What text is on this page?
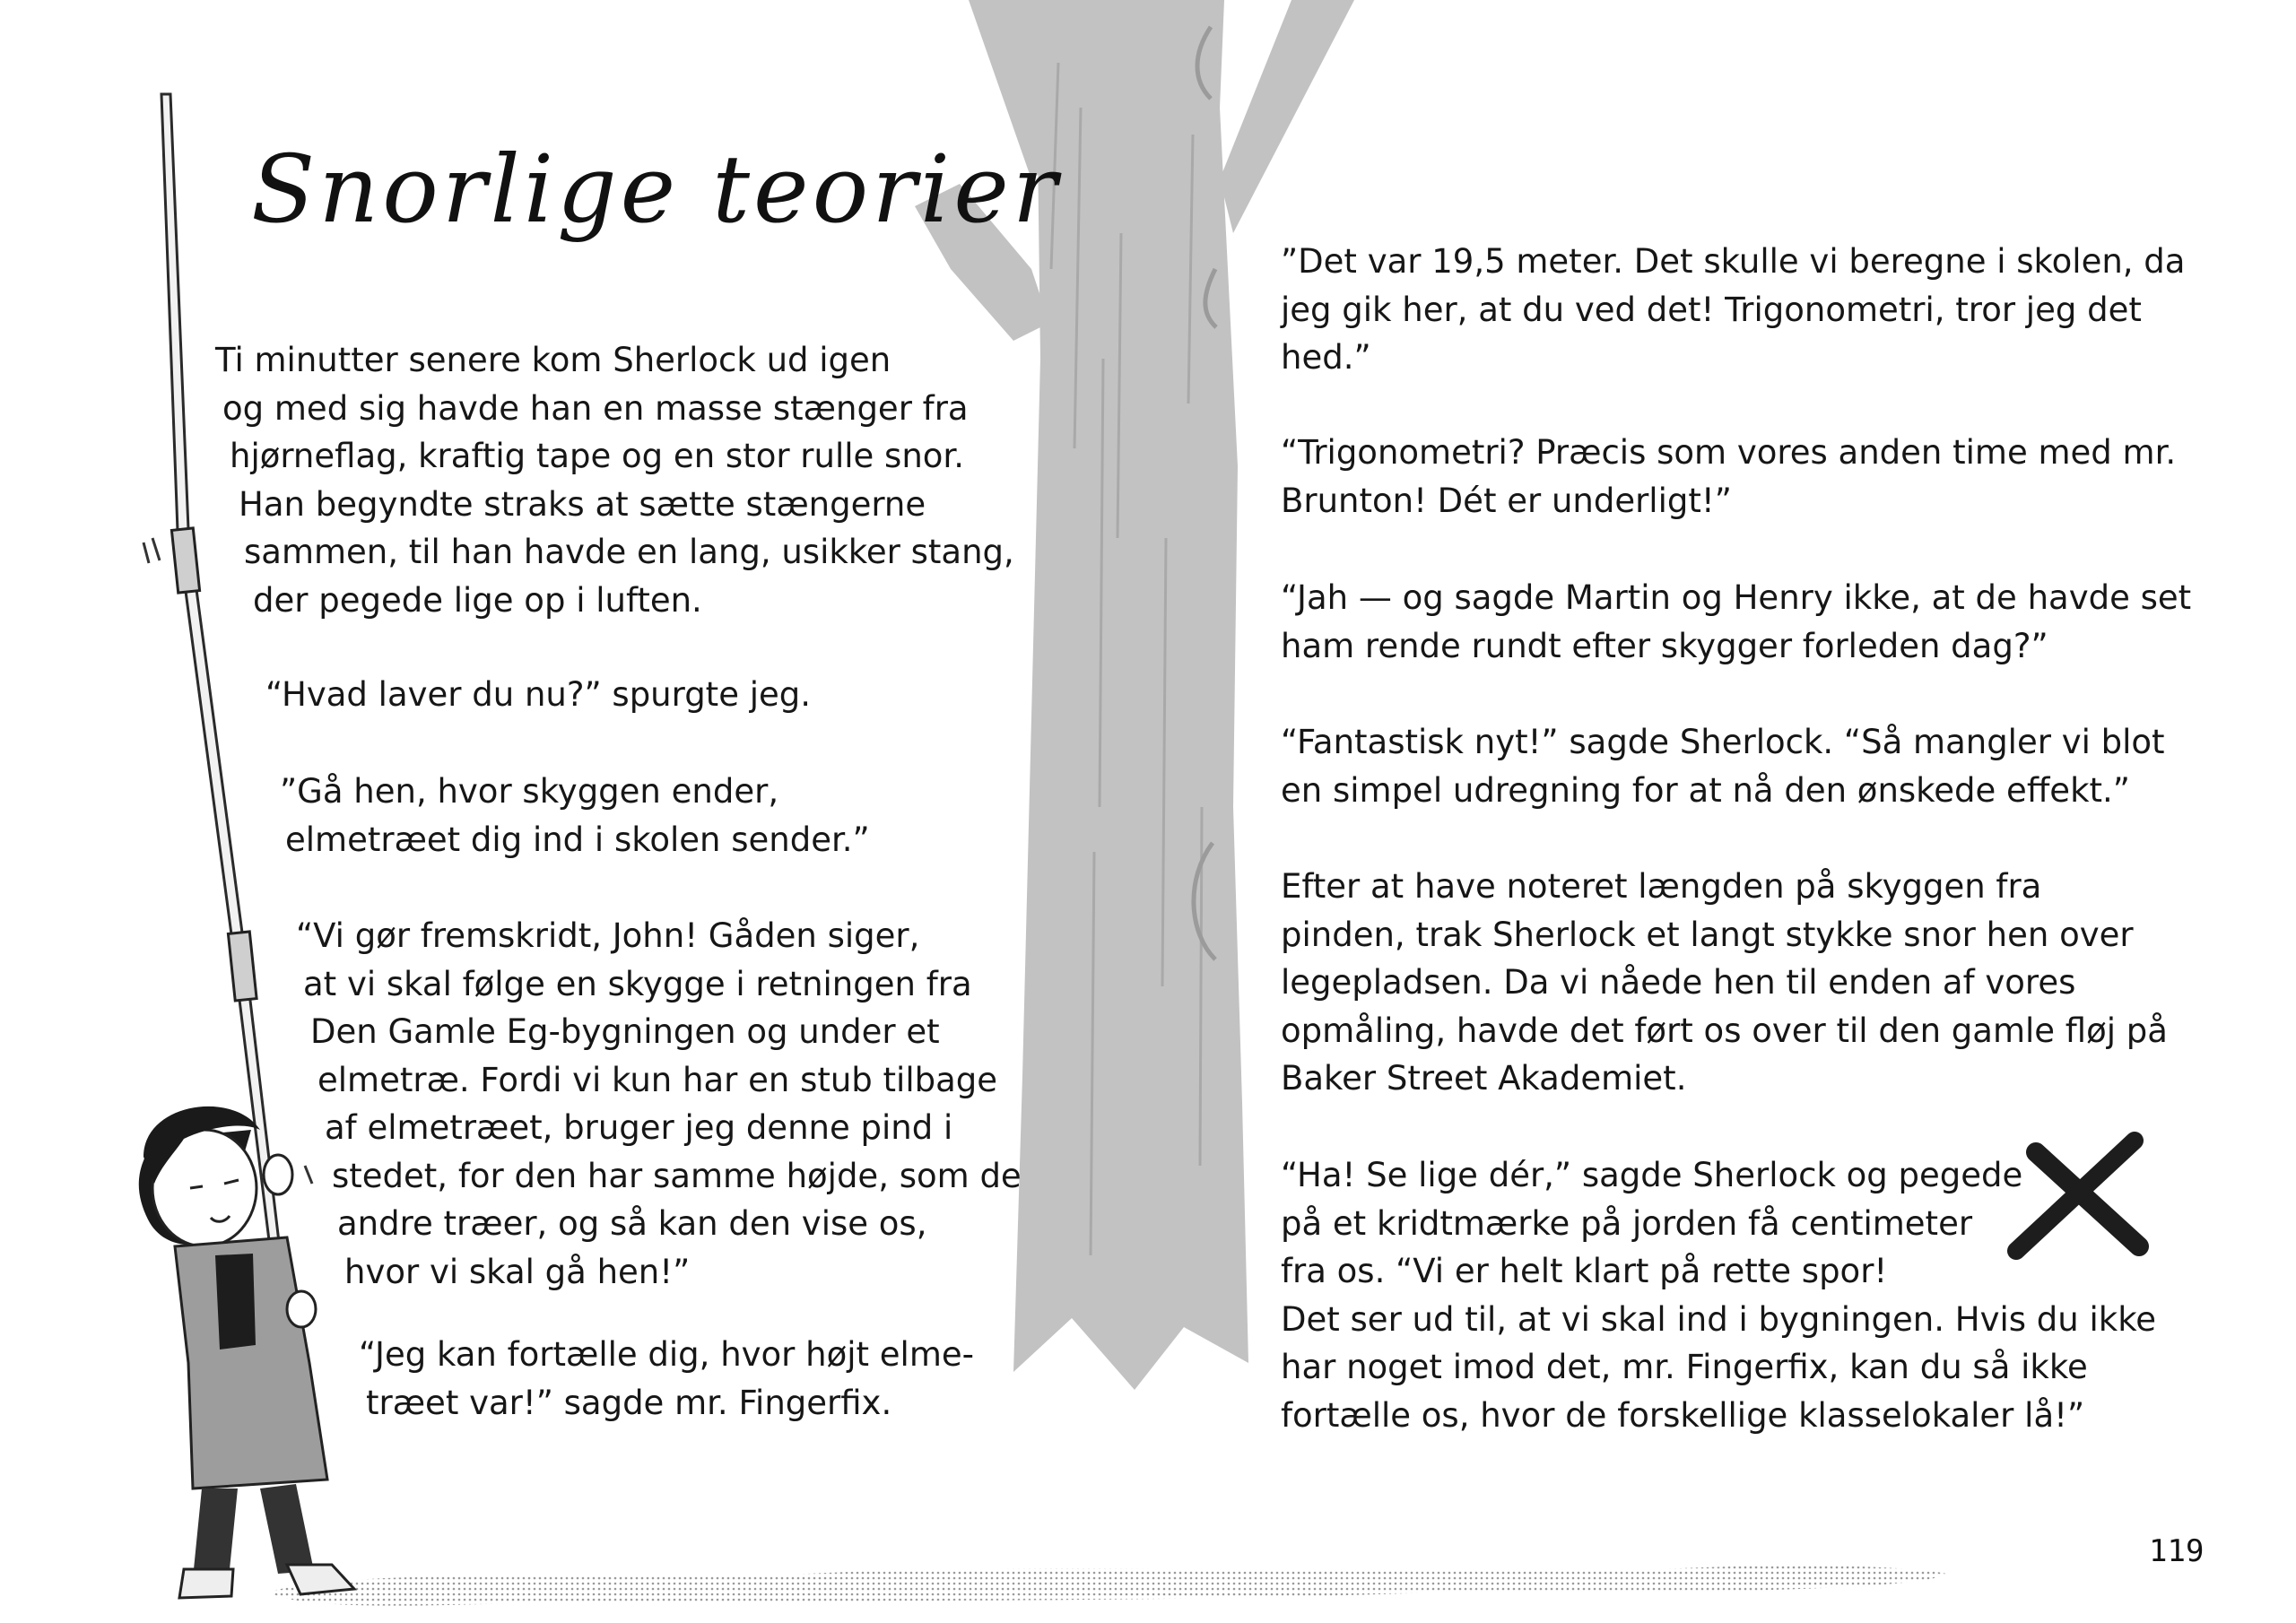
Snorlige teorier
Ti minutter senere kom Sherlock ud igen
og med sig havde han en masse stænger fra
hjørneflag, kraftig tape og en stor rulle snor.
Han begyndte straks at sætte stængerne
sammen, til han havde en lang, usikker stang,
der pegede lige op i luften.
“Hvad laver du nu?” spurgte jeg.
”Gå hen, hvor skyggen ender,
elmetræet dig ind i skolen sender.”
“Vi gør fremskridt, John! Gåden siger,
at vi skal følge en skygge i retningen fra
Den Gamle Eg-bygningen og under et
elmetræ. Fordi vi kun har en stub tilbage
af elmetræet, bruger jeg denne pind i
stedet, for den har samme højde, som de
andre træer, og så kan den vise os,
hvor vi skal gå hen!”
“Jeg kan fortælle dig, hvor højt elme-
træet var!” sagde mr. Fingerfix.
”Det var 19,5 meter. Det skulle vi beregne i skolen, da
jeg gik her, at du ved det! Trigonometri, tror jeg det
hed.”
“Trigonometri? Præcis som vores anden time med mr.
Brunton! Dét er underligt!”
“Jah — og sagde Martin og Henry ikke, at de havde set
ham rende rundt efter skygger forleden dag?”
“Fantastisk nyt!” sagde Sherlock. “Så mangler vi blot
en simpel udregning for at nå den ønskede effekt.”
Efter at have noteret længden på skyggen fra
pinden, trak Sherlock et langt stykke snor hen over
legepladsen. Da vi nåede hen til enden af vores
opmåling, havde det ført os over til den gamle fløj på
Baker Street Akademiet.
“Ha! Se lige dér,” sagde Sherlock og pegede
på et kridtmærke på jorden få centimeter
fra os. “Vi er helt klart på rette spor!
Det ser ud til, at vi skal ind i bygningen. Hvis du ikke
har noget imod det, mr. Fingerfix, kan du så ikke
fortælle os, hvor de forskellige klasselokaler lå!”
119
